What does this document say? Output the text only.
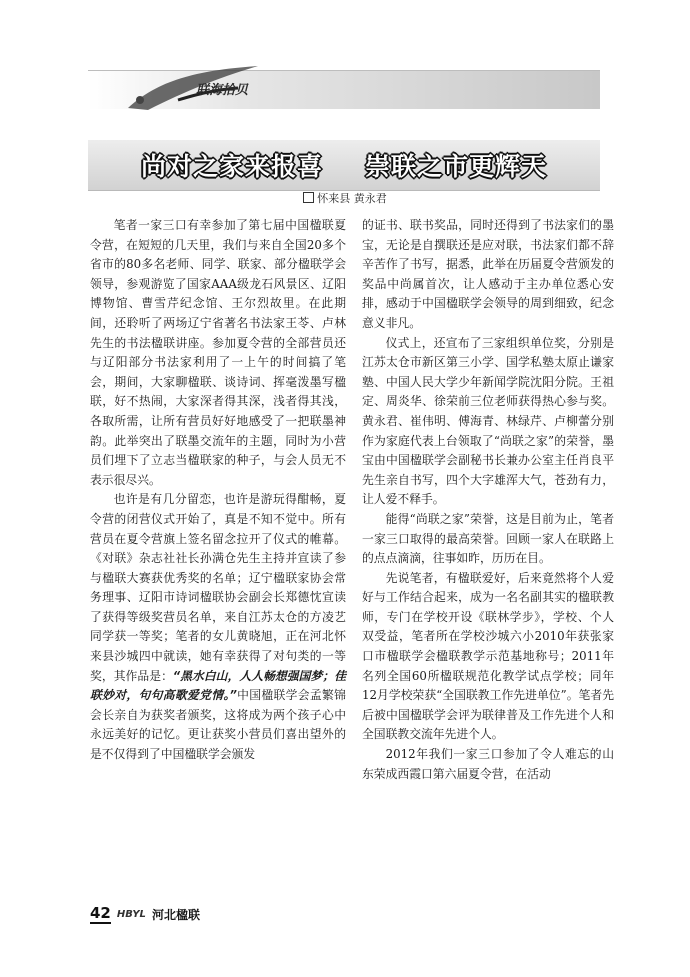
联海拾贝
尚对之家来报喜 崇联之市更辉天
怀来县 黄永君

笔者一家三口有幸参加了第七届中国楹联夏令营，在短短的几天里，我们与来自全国20多个省市的80多名老师、同学、联家、部分楹联学会领导，参观游览了国家AAA级龙石风景区、辽阳博物馆、曹雪芹纪念馆、王尔烈故里。在此期间，还聆听了两场辽宁省著名书法家王苓、卢林先生的书法楹联讲座。参加夏令营的全部营员还与辽阳部分书法家利用了一上午的时间搞了笔会，期间，大家聊楹联、谈诗词、挥毫泼墨写楹联，好不热闹，大家深者得其深，浅者得其浅，各取所需，让所有营员好好地感受了一把联墨神韵。此举突出了联墨交流年的主题，同时为小营员们埋下了立志当楹联家的种子，与会人员无不表示很尽兴。

也许是有几分留恋，也许是游玩得酣畅，夏令营的闭营仪式开始了，真是不知不觉中。所有营员在夏令营旗上签名留念拉开了仪式的帷幕。《对联》杂志社社长孙满仓先生主持并宣读了参与楹联大赛获优秀奖的名单；辽宁楹联家协会常务理事、辽阳市诗词楹联协会副会长郑德忱宣读了获得等级奖营员名单，来自江苏太仓的方凌艺同学获一等奖；笔者的女儿黄晓旭，正在河北怀来县沙城四中就读，她有幸获得了对句类的一等奖，其作品是：“黑水白山，人人畅想强国梦；佳联妙对，句句高歌爱党情。”中国楹联学会孟繁锦会长亲自为获奖者颁奖，这将成为两个孩子心中永远美好的记忆。更让获奖小营员们喜出望外的是不仅得到了中国楹联学会颁发

的证书、联书奖品，同时还得到了书法家们的墨宝，无论是自撰联还是应对联，书法家们都不辞辛苦作了书写，据悉，此举在历届夏令营颁发的奖品中尚属首次，让人感动于主办单位悉心安排，感动于中国楹联学会领导的周到细致，纪念意义非凡。

仪式上，还宣布了三家组织单位奖，分别是江苏太仓市新区第三小学、国学私塾太原止谦家塾、中国人民大学少年新闻学院沈阳分院。王祖定、周炎华、徐荣前三位老师获得热心参与奖。黄永君、崔伟明、傅海青、林绿芹、卢柳蕾分别作为家庭代表上台领取了“尚联之家”的荣誉，墨宝由中国楹联学会副秘书长兼办公室主任肖良平先生亲自书写，四个大字雄浑大气，苍劲有力，让人爱不释手。

能得“尚联之家”荣誉，这是目前为止，笔者一家三口取得的最高荣誉。回顾一家人在联路上的点点滴滴，往事如昨，历历在目。

先说笔者，有楹联爱好，后来竟然将个人爱好与工作结合起来，成为一名名副其实的楹联教师，专门在学校开设《联林学步》，学校、个人双受益，笔者所在学校沙城六小2010年获张家口市楹联学会楹联教学示范基地称号；2011年名列全国60所楹联规范化教学试点学校；同年12月学校荣获“全国联教工作先进单位”。笔者先后被中国楹联学会评为联律普及工作先进个人和全国联教交流年先进个人。

2012年我们一家三口参加了令人难忘的山东荣成西霞口第六届夏令营，在活动

42 HBYL 河北楹联
